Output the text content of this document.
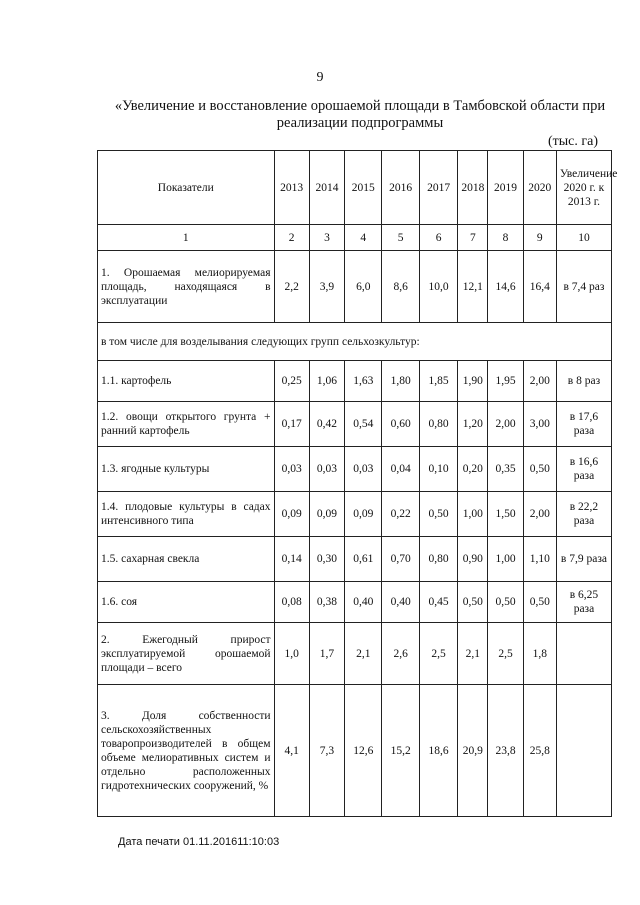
9
«Увеличение и восстановление орошаемой площади в Тамбовской области при реализации подпрограммы
(тыс. га)
Показатели	2013	2014	2015	2016	2017	2018	2019	2020	Увеличение 2020 г. к 2013 г.
1	2	3	4	5	6	7	8	9	10
1. Орошаемая мелиорируемая площадь, находящаяся в эксплуатации	2,2	3,9	6,0	8,6	10,0	12,1	14,6	16,4	в 7,4 раз
в том числе для возделывания следующих групп сельхозкультур:									
1.1. картофель	0,25	1,06	1,63	1,80	1,85	1,90	1,95	2,00	в 8 раз
1.2. овощи открытого грунта + ранний картофель	0,17	0,42	0,54	0,60	0,80	1,20	2,00	3,00	в 17,6 раза
1.3. ягодные культуры	0,03	0,03	0,03	0,04	0,10	0,20	0,35	0,50	в 16,6 раза
1.4. плодовые культуры в садах интенсивного типа	0,09	0,09	0,09	0,22	0,50	1,00	1,50	2,00	в 22,2 раза
1.5. сахарная свекла	0,14	0,30	0,61	0,70	0,80	0,90	1,00	1,10	в 7,9 раза
1.6. соя	0,08	0,38	0,40	0,40	0,45	0,50	0,50	0,50	в 6,25 раза
2. Ежегодный прирост эксплуатируемой орошаемой площади – всего	1,0	1,7	2,1	2,6	2,5	2,1	2,5	1,8	
3. Доля собственности сельскохозяйственных товаропроизводителей в общем объеме мелиоративных систем и отдельно расположенных гидротехнических сооружений, %	4,1	7,3	12,6	15,2	18,6	20,9	23,8	25,8	
Дата печати 01.11.201611:10:03
